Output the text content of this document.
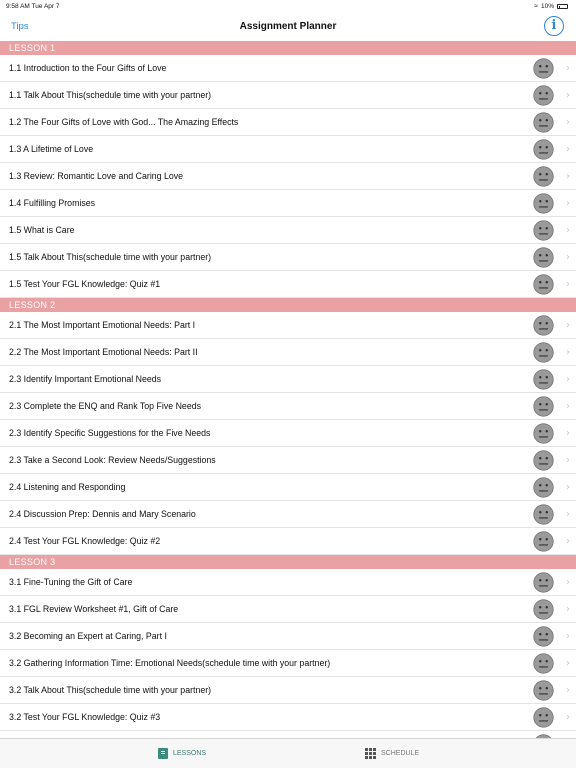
9:58 AM Tue Apr 7	≈ 10%
Tips	Assignment Planner	i
LESSON 1
1.1 Introduction to the Four Gifts of Love	›
1.1 Talk About This(schedule time with your partner)	›
1.2 The Four Gifts of Love with God... The Amazing Effects	›
1.3 A Lifetime of Love	›
1.3 Review: Romantic Love and Caring Love	›
1.4 Fulfilling Promises	›
1.5 What is Care	›
1.5 Talk About This(schedule time with your partner)	›
1.5 Test Your FGL Knowledge: Quiz #1	›
LESSON 2
2.1 The Most Important Emotional Needs: Part I	›
2.2 The Most Important Emotional Needs: Part II	›
2.3 Identify Important Emotional Needs	›
2.3 Complete the ENQ and Rank Top Five Needs	›
2.3 Identify Specific Suggestions for the Five Needs	›
2.3 Take a Second Look: Review Needs/Suggestions	›
2.4 Listening and Responding	›
2.4 Discussion Prep: Dennis and Mary Scenario	›
2.4 Test Your FGL Knowledge: Quiz #2	›
LESSON 3
3.1 Fine-Tuning the Gift of Care	›
3.1 FGL Review Worksheet #1, Gift of Care	›
3.2 Becoming an Expert at Caring, Part I	›
3.2 Gathering Information Time: Emotional Needs(schedule time with your partner)	›
3.2 Talk About This(schedule time with your partner)	›
3.2 Test Your FGL Knowledge: Quiz #3	›
LESSONS	SCHEDULE
